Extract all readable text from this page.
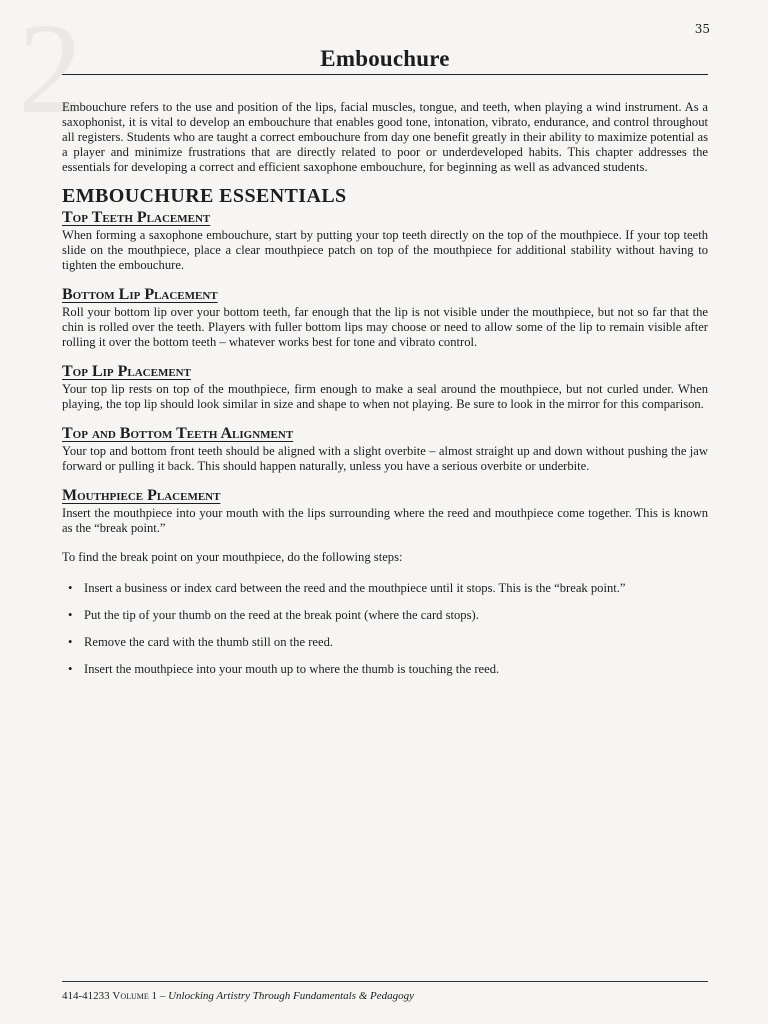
2	35
Embouchure

Embouchure refers to the use and position of the lips, facial muscles, tongue, and teeth, when playing a wind instrument. As a saxophonist, it is vital to develop an embouchure that enables good tone, intonation, vibrato, endurance, and control throughout all registers. Students who are taught a correct embouchure from day one benefit greatly in their ability to maximize potential as a player and minimize frustrations that are directly related to poor or underdeveloped habits. This chapter addresses the essentials for developing a correct and efficient saxophone embouchure, for beginning as well as advanced students.

EMBOUCHURE ESSENTIALS
Top Teeth Placement

When forming a saxophone embouchure, start by putting your top teeth directly on the top of the mouthpiece. If your top teeth slide on the mouthpiece, place a clear mouthpiece patch on top of the mouthpiece for additional stability without having to tighten the embouchure.

Bottom Lip Placement

Roll your bottom lip over your bottom teeth, far enough that the lip is not visible under the mouthpiece, but not so far that the chin is rolled over the teeth. Players with fuller bottom lips may choose or need to allow some of the lip to remain visible after rolling it over the bottom teeth – whatever works best for tone and vibrato control.

Top Lip Placement

Your top lip rests on top of the mouthpiece, firm enough to make a seal around the mouthpiece, but not curled under. When playing, the top lip should look similar in size and shape to when not playing. Be sure to look in the mirror for this comparison.

Top and Bottom Teeth Alignment

Your top and bottom front teeth should be aligned with a slight overbite – almost straight up and down without pushing the jaw forward or pulling it back. This should happen naturally, unless you have a serious overbite or underbite.

Mouthpiece Placement

Insert the mouthpiece into your mouth with the lips surrounding where the reed and mouthpiece come together. This is known as the “break point.”

To find the break point on your mouthpiece, do the following steps:

• Insert a business or index card between the reed and the mouthpiece until it stops. This is the “break point.”
• Put the tip of your thumb on the reed at the break point (where the card stops).
• Remove the card with the thumb still on the reed.
• Insert the mouthpiece into your mouth up to where the thumb is touching the reed.
414-41233 Volume 1 – Unlocking Artistry Through Fundamentals & Pedagogy
